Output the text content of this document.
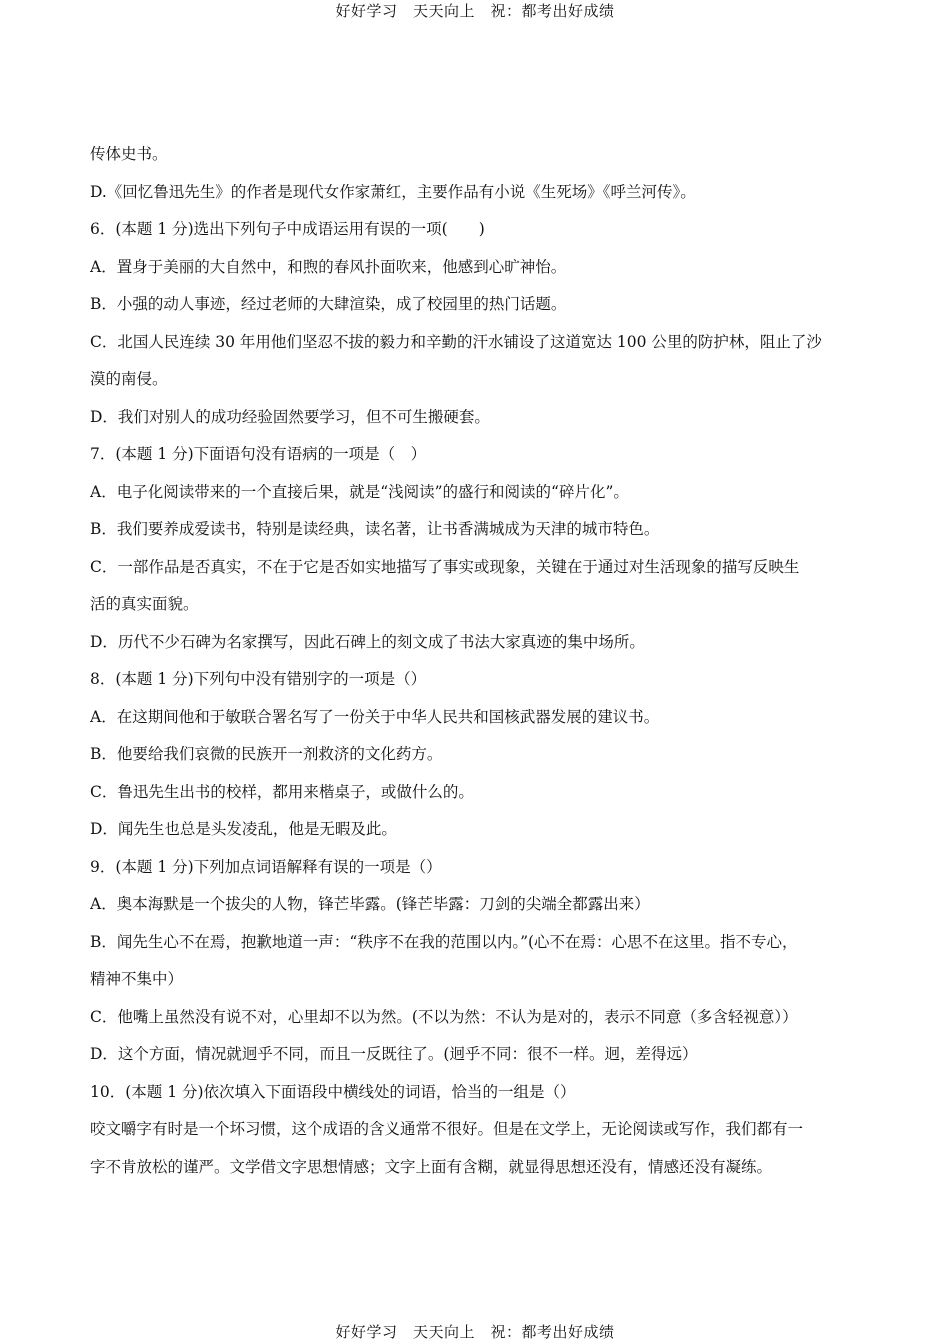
好好学习　天天向上　祝：都考出好成绩
传体史书。
D.《回忆鲁迅先生》的作者是现代女作家萧红，主要作品有小说《生死场》《呼兰河传》。
6．(本题 1 分)选出下列句子中成语运用有误的一项(　　)
A．置身于美丽的大自然中，和煦的春风扑面吹来，他感到心旷神怡。
B．小强的动人事迹，经过老师的大肆渲染，成了校园里的热门话题。
C．北国人民连续 30 年用他们坚忍不拔的毅力和辛勤的汗水铺设了这道宽达 100 公里的防护林，阻止了沙
漠的南侵。
D．我们对别人的成功经验固然要学习，但不可生搬硬套。
7．(本题 1 分)下面语句没有语病的一项是（　）
A．电子化阅读带来的一个直接后果，就是“浅阅读”的盛行和阅读的“碎片化”。
B．我们要养成爱读书，特别是读经典，读名著，让书香满城成为天津的城市特色。
C．一部作品是否真实，不在于它是否如实地描写了事实或现象，关键在于通过对生活现象的描写反映生
活的真实面貌。
D．历代不少石碑为名家撰写，因此石碑上的刻文成了书法大家真迹的集中场所。
8．(本题 1 分)下列句中没有错别字的一项是（）
A．在这期间他和于敏联合署名写了一份关于中华人民共和国核武器发展的建议书。
B．他要给我们哀微的民族开一剂救济的文化药方。
C．鲁迅先生出书的校样，都用来楷桌子，或做什么的。
D．闻先生也总是头发凌乱，他是无暇及此。
9．(本题 1 分)下列加点词语解释有误的一项是（）
A．奥本海默是一个拔尖的人物，锋芒毕露。(锋芒毕露：刀剑的尖端全都露出来）
B．闻先生心不在焉，抱歉地道一声：“秩序不在我的范围以内。”(心不在焉：心思不在这里。指不专心，
精神不集中）
C．他嘴上虽然没有说不对，心里却不以为然。(不以为然：不认为是对的，表示不同意（多含轻视意））
D．这个方面，情况就迥乎不同，而且一反既往了。(迥乎不同：很不一样。迥，差得远）
10．(本题 1 分)依次填入下面语段中横线处的词语，恰当的一组是（）
咬文嚼字有时是一个坏习惯，这个成语的含义通常不很好。但是在文学上，无论阅读或写作，我们都有一
字不肯放松的谨严。文学借文字思想情感；文字上面有含糊，就显得思想还没有，情感还没有凝练。
好好学习　天天向上　祝：都考出好成绩
